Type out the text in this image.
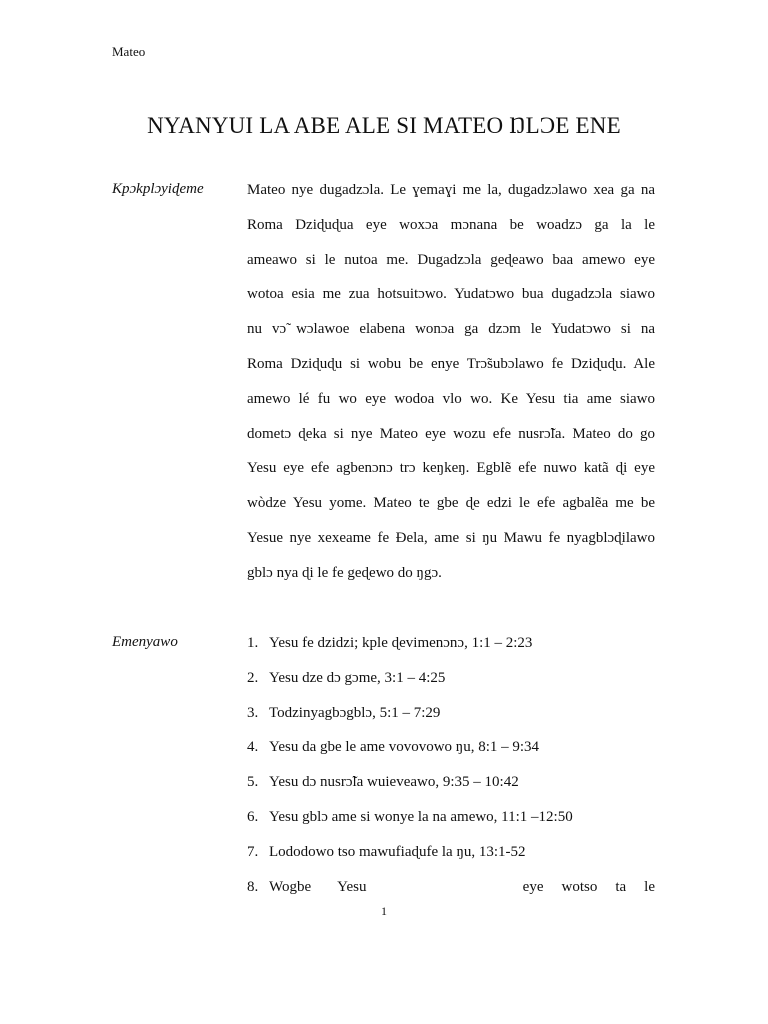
Mateo
NYANYUI LA ABE ALE SI MATEO ŊLƆE ENE
Kpɔkplɔyiɖeme	Mateo nye dugadzɔla. Le ɣemaɣi me la, dugadzɔlawo xea ga na
Roma Dziɖuɖua eye woxɔa mɔnana be woadzɔ ga la le
ameawo si le nutoa me. Dugadzɔla geɖeawo baa amewo eye
wotoa esia me zua hotsuitɔwo. Yudatɔwo bua dugadzɔla siawo
nu vɔ̃ wɔlawoe elabena wonɔa ga dzɔm le Yudatɔwo si na
Roma Dziɖuɖu si wobu be enye Trɔ̃subɔlawo fe Dziɖuɖu. Ale
amewo lé fu wo eye wodoa vlo wo. Ke Yesu tia ame siawo
dometɔ ɖeka si nye Mateo eye wozu efe nusrɔ̃la. Mateo do go
Yesu eye efe agbenɔnɔ trɔ keŋkeŋ. Egblẽ efe nuwo katã ɖi eye
wòdze Yesu yome. Mateo te gbe ɖe edzi le efe agbalẽa me be
Yesue nye xexeame fe Ɖela, ame si ŋu Mawu fe nyagblɔɖilawo
gblɔ nya ɖi le fe geɖewo do ŋgɔ.
Emenyawo	1. Yesu fe dzidzi; kple ɖevimenɔnɔ, 1:1 – 2:23
2. Yesu dze dɔ gɔme, 3:1 – 4:25
3. Todzinyagbɔgblɔ, 5:1 – 7:29
4. Yesu da gbe le ame vovovowo ŋu, 8:1 – 9:34
5. Yesu dɔ nusrɔ̃la wuieveawo, 9:35 – 10:42
6. Yesu gblɔ ame si wonye la na amewo, 11:1 –12:50
7. Lododowo tso mawufiaɖufe la ŋu, 13:1-52
8. Wogbe Yesu	eye wotso ta le
1
